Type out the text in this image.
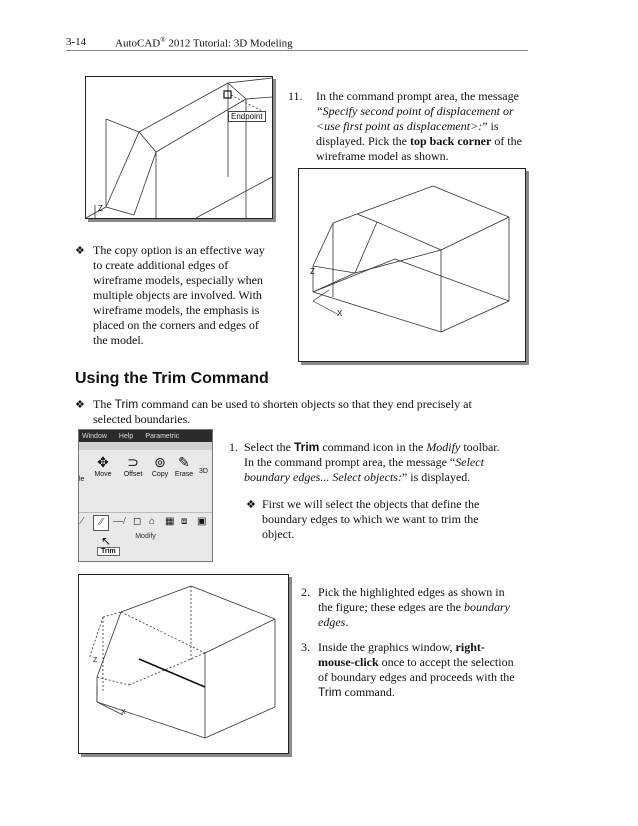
3-14	AutoCAD® 2012 Tutorial: 3D Modeling
Endpoint
Z
11. In the command prompt area, the message
“Specify second point of displacement or
<use first point as displacement>:” is
displayed. Pick the top back corner of the
wireframe model as shown.
Z
X
❖ The copy option is an effective way
to create additional edges of
wireframe models, especially when
multiple objects are involved. With
wireframe models, the emphasis is
placed on the corners and edges of
the model.
Using the Trim Command
❖ The Trim command can be used to shorten objects so that they end precisely at
selected boundaries.
Window Help Parametric
le
✥
Move
⊃
Offset
⊚
Copy
✎
Erase 3D
⁄	⁄⁄	—/ ◻ ⌂ ▦ ⧈ ▣
Modify
Trim
↖
1. Select the Trim command icon in the Modify toolbar.
In the command prompt area, the message “Select
boundary edges... Select objects:” is displayed.
❖ First we will select the objects that define the
boundary edges to which we want to trim the
object.
Z
X
2. Pick the highlighted edges as shown in
the figure; these edges are the boundary
edges.
3. Inside the graphics window, right-
mouse-click once to accept the selection
of boundary edges and proceeds with the
Trim command.
